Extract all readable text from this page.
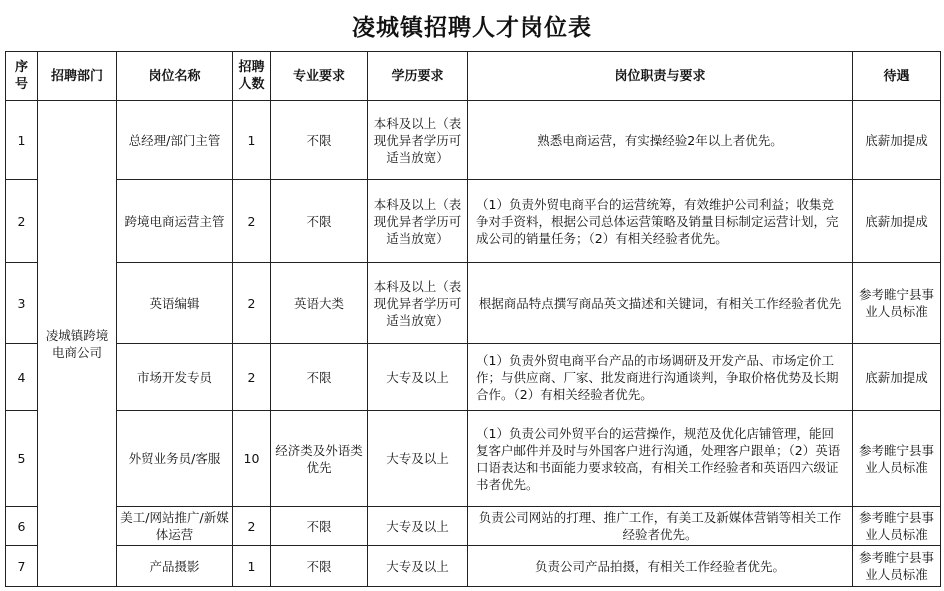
凌城镇招聘人才岗位表
序号	招聘部门	岗位名称	招聘人数	专业要求	学历要求	岗位职责与要求	待遇
1	凌城镇跨境电商公司	总经理/部门主管	1	不限	本科及以上（表现优异者学历可适当放宽）	熟悉电商运营，有实操经验2年以上者优先。	底薪加提成
2		跨境电商运营主管	2	不限	本科及以上（表现优异者学历可适当放宽）	（1）负责外贸电商平台的运营统筹，有效维护公司利益；收集竞争对手资料，根据公司总体运营策略及销量目标制定运营计划，完成公司的销量任务；（2）有相关经验者优先。	底薪加提成
3		英语编辑	2	英语大类	本科及以上（表现优异者学历可适当放宽）	根据商品特点撰写商品英文描述和关键词，有相关工作经验者优先	参考睢宁县事业人员标准
4		市场开发专员	2	不限	大专及以上	（1）负责外贸电商平台产品的市场调研及开发产品、市场定价工作；与供应商、厂家、批发商进行沟通谈判，争取价格优势及长期合作。（2）有相关经验者优先。	底薪加提成
5		外贸业务员/客服	10	经济类及外语类优先	大专及以上	（1）负责公司外贸平台的运营操作，规范及优化店铺管理，能回复客户邮件并及时与外国客户进行沟通，处理客户跟单；（2）英语口语表达和书面能力要求较高，有相关工作经验者和英语四六级证书者优先。	参考睢宁县事业人员标准
6		美工/网站推广/新媒体运营	2	不限	大专及以上	负责公司网站的打理、推广工作，有美工及新媒体营销等相关工作经验者优先。	参考睢宁县事业人员标准
7		产品摄影	1	不限	大专及以上	负责公司产品拍摄，有相关工作经验者优先。	参考睢宁县事业人员标准
